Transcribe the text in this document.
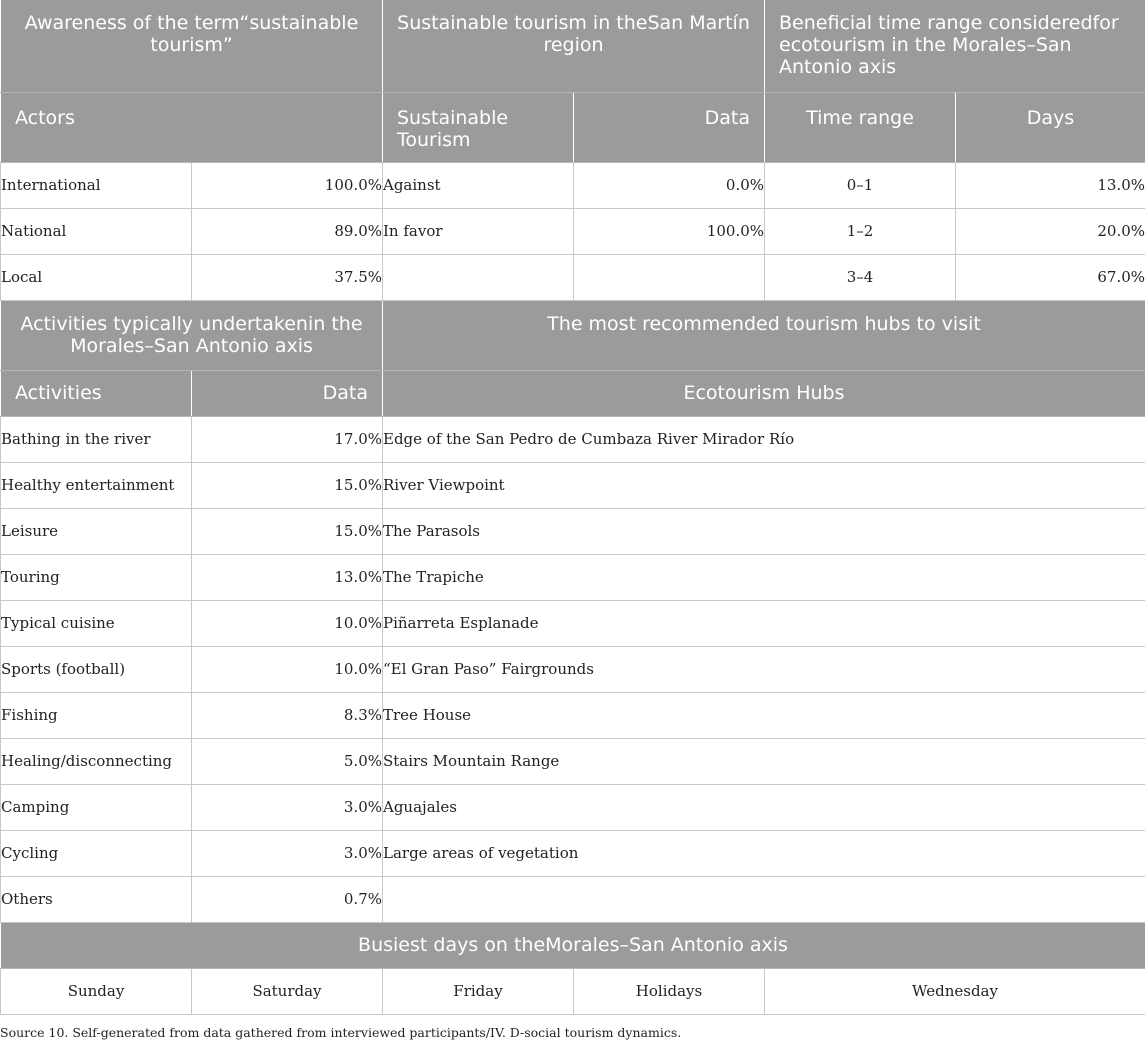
Awareness of the term“sustainable tourism”		Sustainable tourism in theSan Martín region		Beneficial time range consideredfor ecotourism in the Morales–San Antonio axis	
Actors		Sustainable Tourism	Data	Time range	Days
International	100.0%	Against	0.0%	0–1	13.0%
National	89.0%	In favor	100.0%	1–2	20.0%
Local	37.5%			3–4	67.0%
Activities typically undertakenin the Morales–San Antonio axis		The most recommended tourism hubs to visit			
Activities	Data	Ecotourism Hubs			
Bathing in the river	17.0%	Edge of the San Pedro de Cumbaza River Mirador Río			
Healthy entertainment	15.0%	River Viewpoint			
Leisure	15.0%	The Parasols			
Touring	13.0%	The Trapiche			
Typical cuisine	10.0%	Piñarreta Esplanade			
Sports (football)	10.0%	“El Gran Paso” Fairgrounds			
Fishing	8.3%	Tree House			
Healing/disconnecting	5.0%	Stairs Mountain Range			
Camping	3.0%	Aguajales			
Cycling	3.0%	Large areas of vegetation			
Others	0.7%				
Busiest days on theMorales–San Antonio axis					
Sunday	Saturday	Friday	Holidays	Wednesday	
Source 10. Self-generated from data gathered from interviewed participants/IV. D-social tourism dynamics.
